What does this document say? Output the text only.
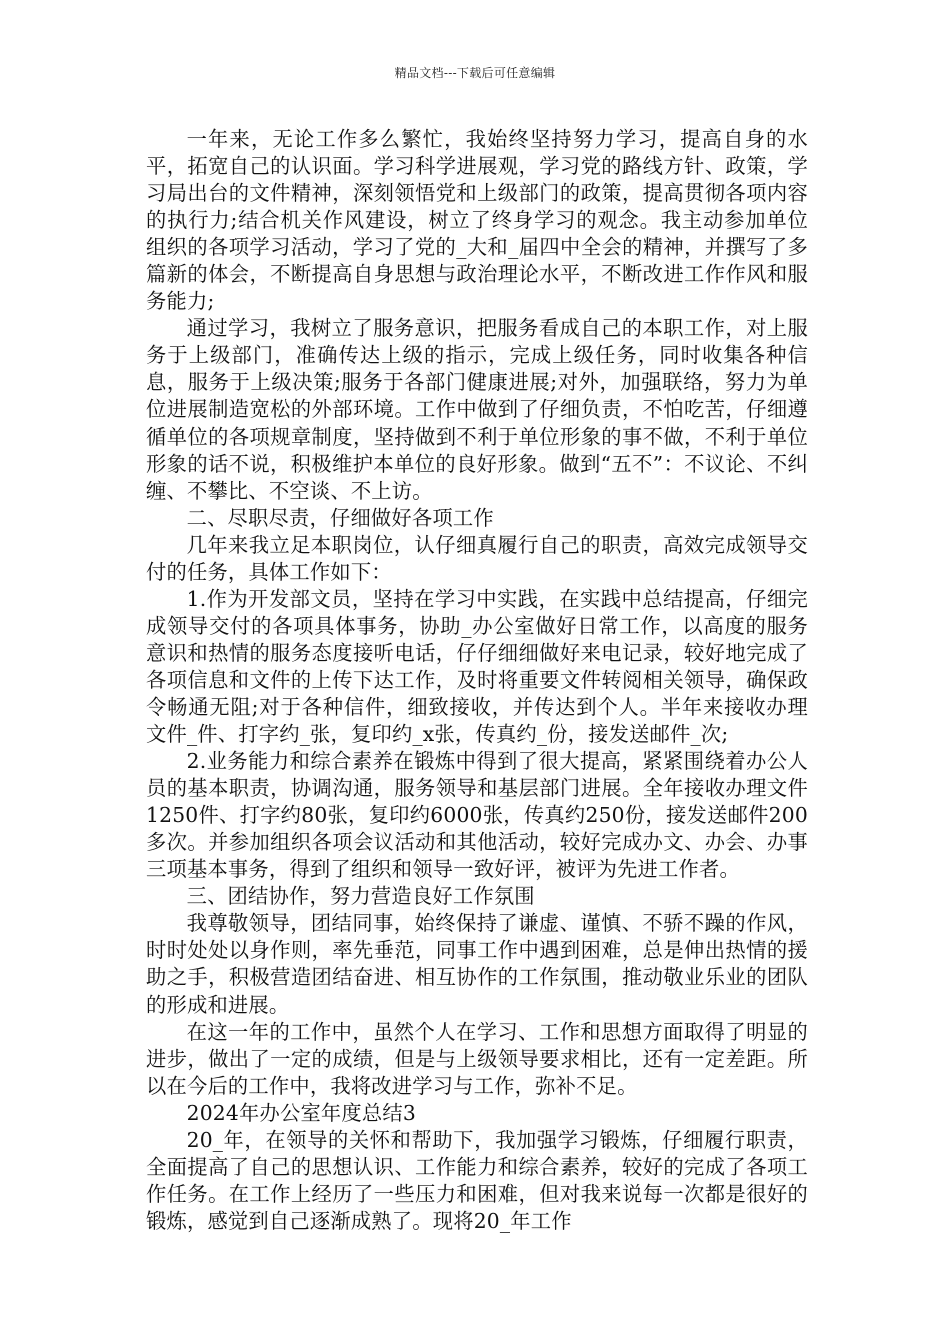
精品文档---下载后可任意编辑

一年来，无论工作多么繁忙，我始终坚持努力学习，提高自身的水平，拓宽自己的认识面。学习科学进展观，学习党的路线方针、政策，学习局出台的文件精神，深刻领悟党和上级部门的政策，提高贯彻各项内容的执行力;结合机关作风建设，树立了终身学习的观念。我主动参加单位组织的各项学习活动，学习了党的_大和_届四中全会的精神，并撰写了多篇新的体会，不断提高自身思想与政治理论水平，不断改进工作作风和服务能力;

通过学习，我树立了服务意识，把服务看成自己的本职工作，对上服务于上级部门，准确传达上级的指示，完成上级任务，同时收集各种信息，服务于上级决策;服务于各部门健康进展;对外，加强联络，努力为单位进展制造宽松的外部环境。工作中做到了仔细负责，不怕吃苦，仔细遵循单位的各项规章制度，坚持做到不利于单位形象的事不做，不利于单位形象的话不说，积极维护本单位的良好形象。做到“五不”：不议论、不纠缠、不攀比、不空谈、不上访。

二、尽职尽责，仔细做好各项工作

几年来我立足本职岗位，认仔细真履行自己的职责，高效完成领导交付的任务，具体工作如下：

1.作为开发部文员，坚持在学习中实践，在实践中总结提高，仔细完成领导交付的各项具体事务，协助_办公室做好日常工作，以高度的服务意识和热情的服务态度接听电话，仔仔细细做好来电记录，较好地完成了各项信息和文件的上传下达工作，及时将重要文件转阅相关领导，确保政令畅通无阻;对于各种信件，细致接收，并传达到个人。半年来接收办理文件_件、打字约_张，复印约_x张，传真约_份，接发送邮件_次;

2.业务能力和综合素养在锻炼中得到了很大提高，紧紧围绕着办公人员的基本职责，协调沟通，服务领导和基层部门进展。全年接收办理文件1250件、打字约80张，复印约6000张，传真约250份，接发送邮件200多次。并参加组织各项会议活动和其他活动，较好完成办文、办会、办事三项基本事务，得到了组织和领导一致好评，被评为先进工作者。

三、团结协作，努力营造良好工作氛围

我尊敬领导，团结同事，始终保持了谦虚、谨慎、不骄不躁的作风，时时处处以身作则，率先垂范，同事工作中遇到困难，总是伸出热情的援助之手，积极营造团结奋进、相互协作的工作氛围，推动敬业乐业的团队的形成和进展。

在这一年的工作中，虽然个人在学习、工作和思想方面取得了明显的进步，做出了一定的成绩，但是与上级领导要求相比，还有一定差距。所以在今后的工作中，我将改进学习与工作，弥补不足。

2024年办公室年度总结3

20_年，在领导的关怀和帮助下，我加强学习锻炼，仔细履行职责，全面提高了自己的思想认识、工作能力和综合素养，较好的完成了各项工作任务。在工作上经历了一些压力和困难，但对我来说每一次都是很好的锻炼，感觉到自己逐渐成熟了。现将20_年工作
